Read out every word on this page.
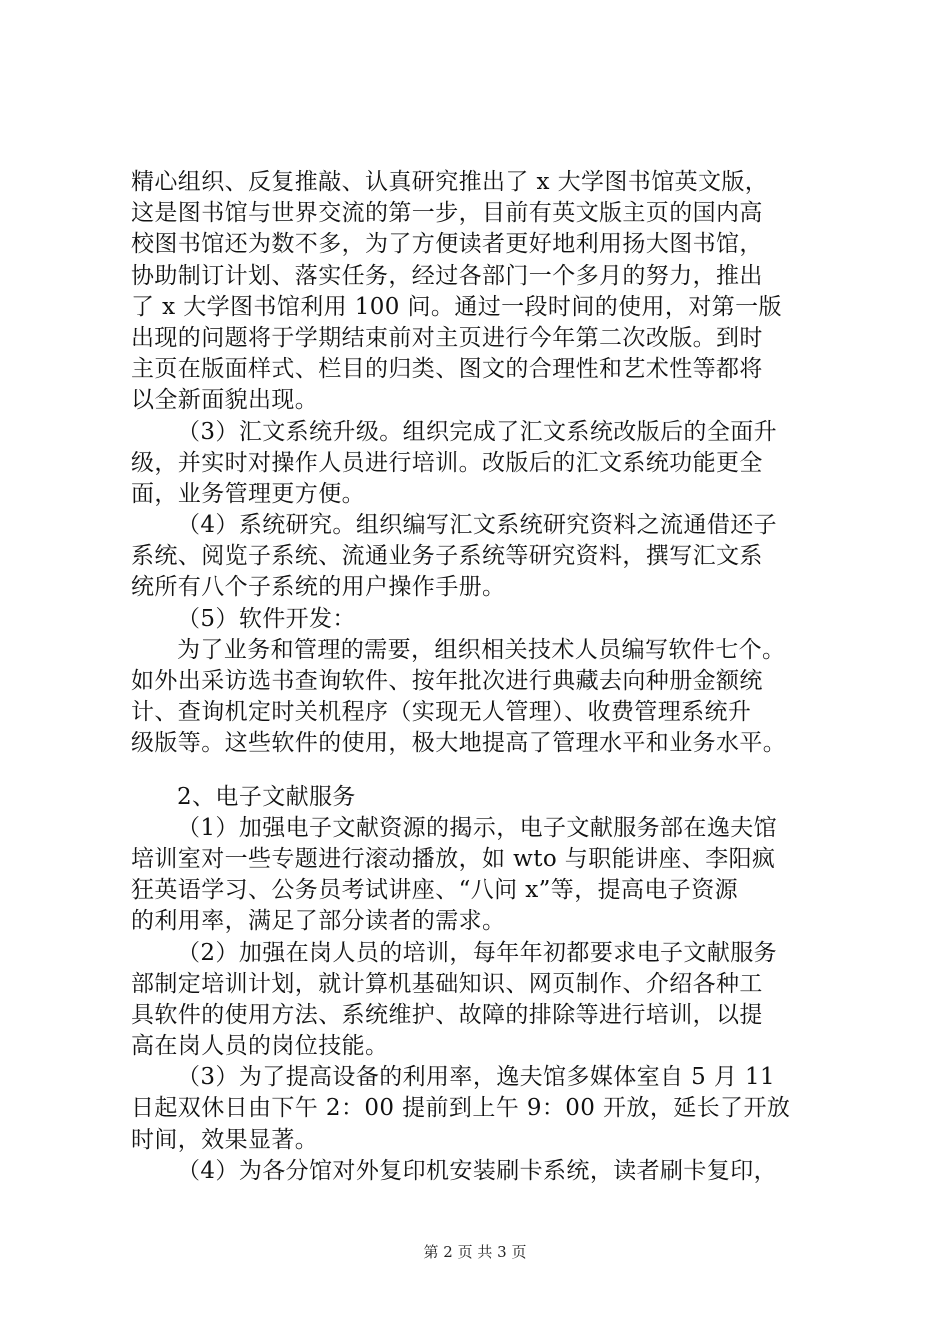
精心组织、反复推敲、认真研究推出了 x 大学图书馆英文版，
这是图书馆与世界交流的第一步，目前有英文版主页的国内高
校图书馆还为数不多，为了方便读者更好地利用扬大图书馆，
协助制订计划、落实任务，经过各部门一个多月的努力，推出
了 x 大学图书馆利用 100 问。通过一段时间的使用，对第一版
出现的问题将于学期结束前对主页进行今年第二次改版。到时
主页在版面样式、栏目的归类、图文的合理性和艺术性等都将
以全新面貌出现。
（3）汇文系统升级。组织完成了汇文系统改版后的全面升
级，并实时对操作人员进行培训。改版后的汇文系统功能更全
面，业务管理更方便。
（4）系统研究。组织编写汇文系统研究资料之流通借还子
系统、阅览子系统、流通业务子系统等研究资料，撰写汇文系
统所有八个子系统的用户操作手册。
（5）软件开发：
为了业务和管理的需要，组织相关技术人员编写软件七个。
如外出采访选书查询软件、按年批次进行典藏去向种册金额统
计、查询机定时关机程序（实现无人管理）、收费管理系统升
级版等。这些软件的使用，极大地提高了管理水平和业务水平。
2、电子文献服务
（1）加强电子文献资源的揭示，电子文献服务部在逸夫馆
培训室对一些专题进行滚动播放，如 wto 与职能讲座、李阳疯
狂英语学习、公务员考试讲座、“八问 x”等，提高电子资源
的利用率，满足了部分读者的需求。
（2）加强在岗人员的培训，每年年初都要求电子文献服务
部制定培训计划，就计算机基础知识、网页制作、介绍各种工
具软件的使用方法、系统维护、故障的排除等进行培训，以提
高在岗人员的岗位技能。
（3）为了提高设备的利用率，逸夫馆多媒体室自 5 月 11
日起双休日由下午 2：00 提前到上午 9：00 开放，延长了开放
时间，效果显著。
（4）为各分馆对外复印机安装刷卡系统，读者刷卡复印，
第 2 页 共 3 页
